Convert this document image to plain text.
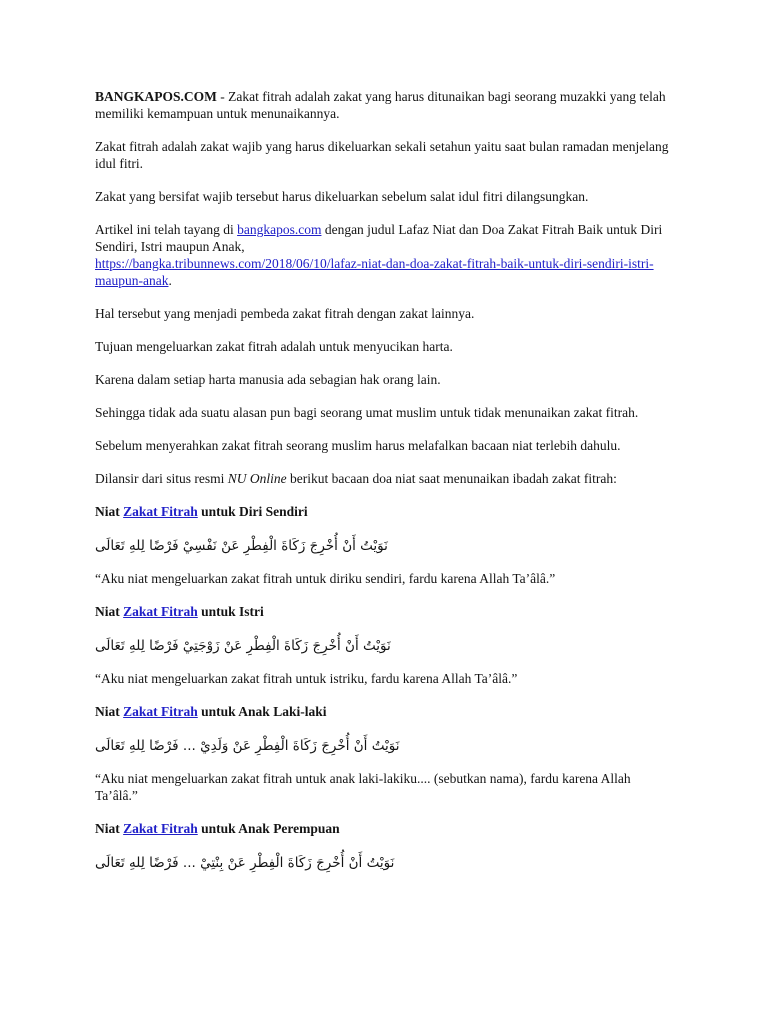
BANGKAPOS.COM - Zakat fitrah adalah zakat yang harus ditunaikan bagi seorang muzakki yang telah memiliki kemampuan untuk menunaikannya.

Zakat fitrah adalah zakat wajib yang harus dikeluarkan sekali setahun yaitu saat bulan ramadan menjelang idul fitri.

Zakat yang bersifat wajib tersebut harus dikeluarkan sebelum salat idul fitri dilangsungkan.

Artikel ini telah tayang di bangkapos.com dengan judul Lafaz Niat dan Doa Zakat Fitrah Baik untuk Diri Sendiri, Istri maupun Anak,
https://bangka.tribunnews.com/2018/06/10/lafaz-niat-dan-doa-zakat-fitrah-baik-untuk-diri-sendiri-istri-maupun-anak.

Hal tersebut yang menjadi pembeda zakat fitrah dengan zakat lainnya.

Tujuan mengeluarkan zakat fitrah adalah untuk menyucikan harta.

Karena dalam setiap harta manusia ada sebagian hak orang lain.

Sehingga tidak ada suatu alasan pun bagi seorang umat muslim untuk tidak menunaikan zakat fitrah.

Sebelum menyerahkan zakat fitrah seorang muslim harus melafalkan bacaan niat terlebih dahulu.

Dilansir dari situs resmi NU Online berikut bacaan doa niat saat menunaikan ibadah zakat fitrah:

Niat Zakat Fitrah untuk Diri Sendiri

نَوَيْتُ أَنْ أُخْرِجَ زَكَاةَ الْفِطْرِ عَنْ نَفْسِيْ فَرْضًا لِلهِ تَعَالَى

“Aku niat mengeluarkan zakat fitrah untuk diriku sendiri, fardu karena Allah Ta’âlâ.”

Niat Zakat Fitrah untuk Istri

نَوَيْتُ أَنْ أُخْرِجَ زَكَاةَ الْفِطْرِ عَنْ زَوْجَتِيْ فَرْضًا لِلهِ تَعَالَى

“Aku niat mengeluarkan zakat fitrah untuk istriku, fardu karena Allah Ta’âlâ.”

Niat Zakat Fitrah untuk Anak Laki-laki

نَوَيْتُ أَنْ أُخْرِجَ زَكَاةَ الْفِطْرِ عَنْ وَلَدِيْ ... فَرْضًا لِلهِ تَعَالَى

“Aku niat mengeluarkan zakat fitrah untuk anak laki-lakiku.... (sebutkan nama), fardu karena Allah Ta’âlâ.”

Niat Zakat Fitrah untuk Anak Perempuan

نَوَيْتُ أَنْ أُخْرِجَ زَكَاةَ الْفِطْرِ عَنْ بِنْتِيْ ... فَرْضًا لِلهِ تَعَالَى
